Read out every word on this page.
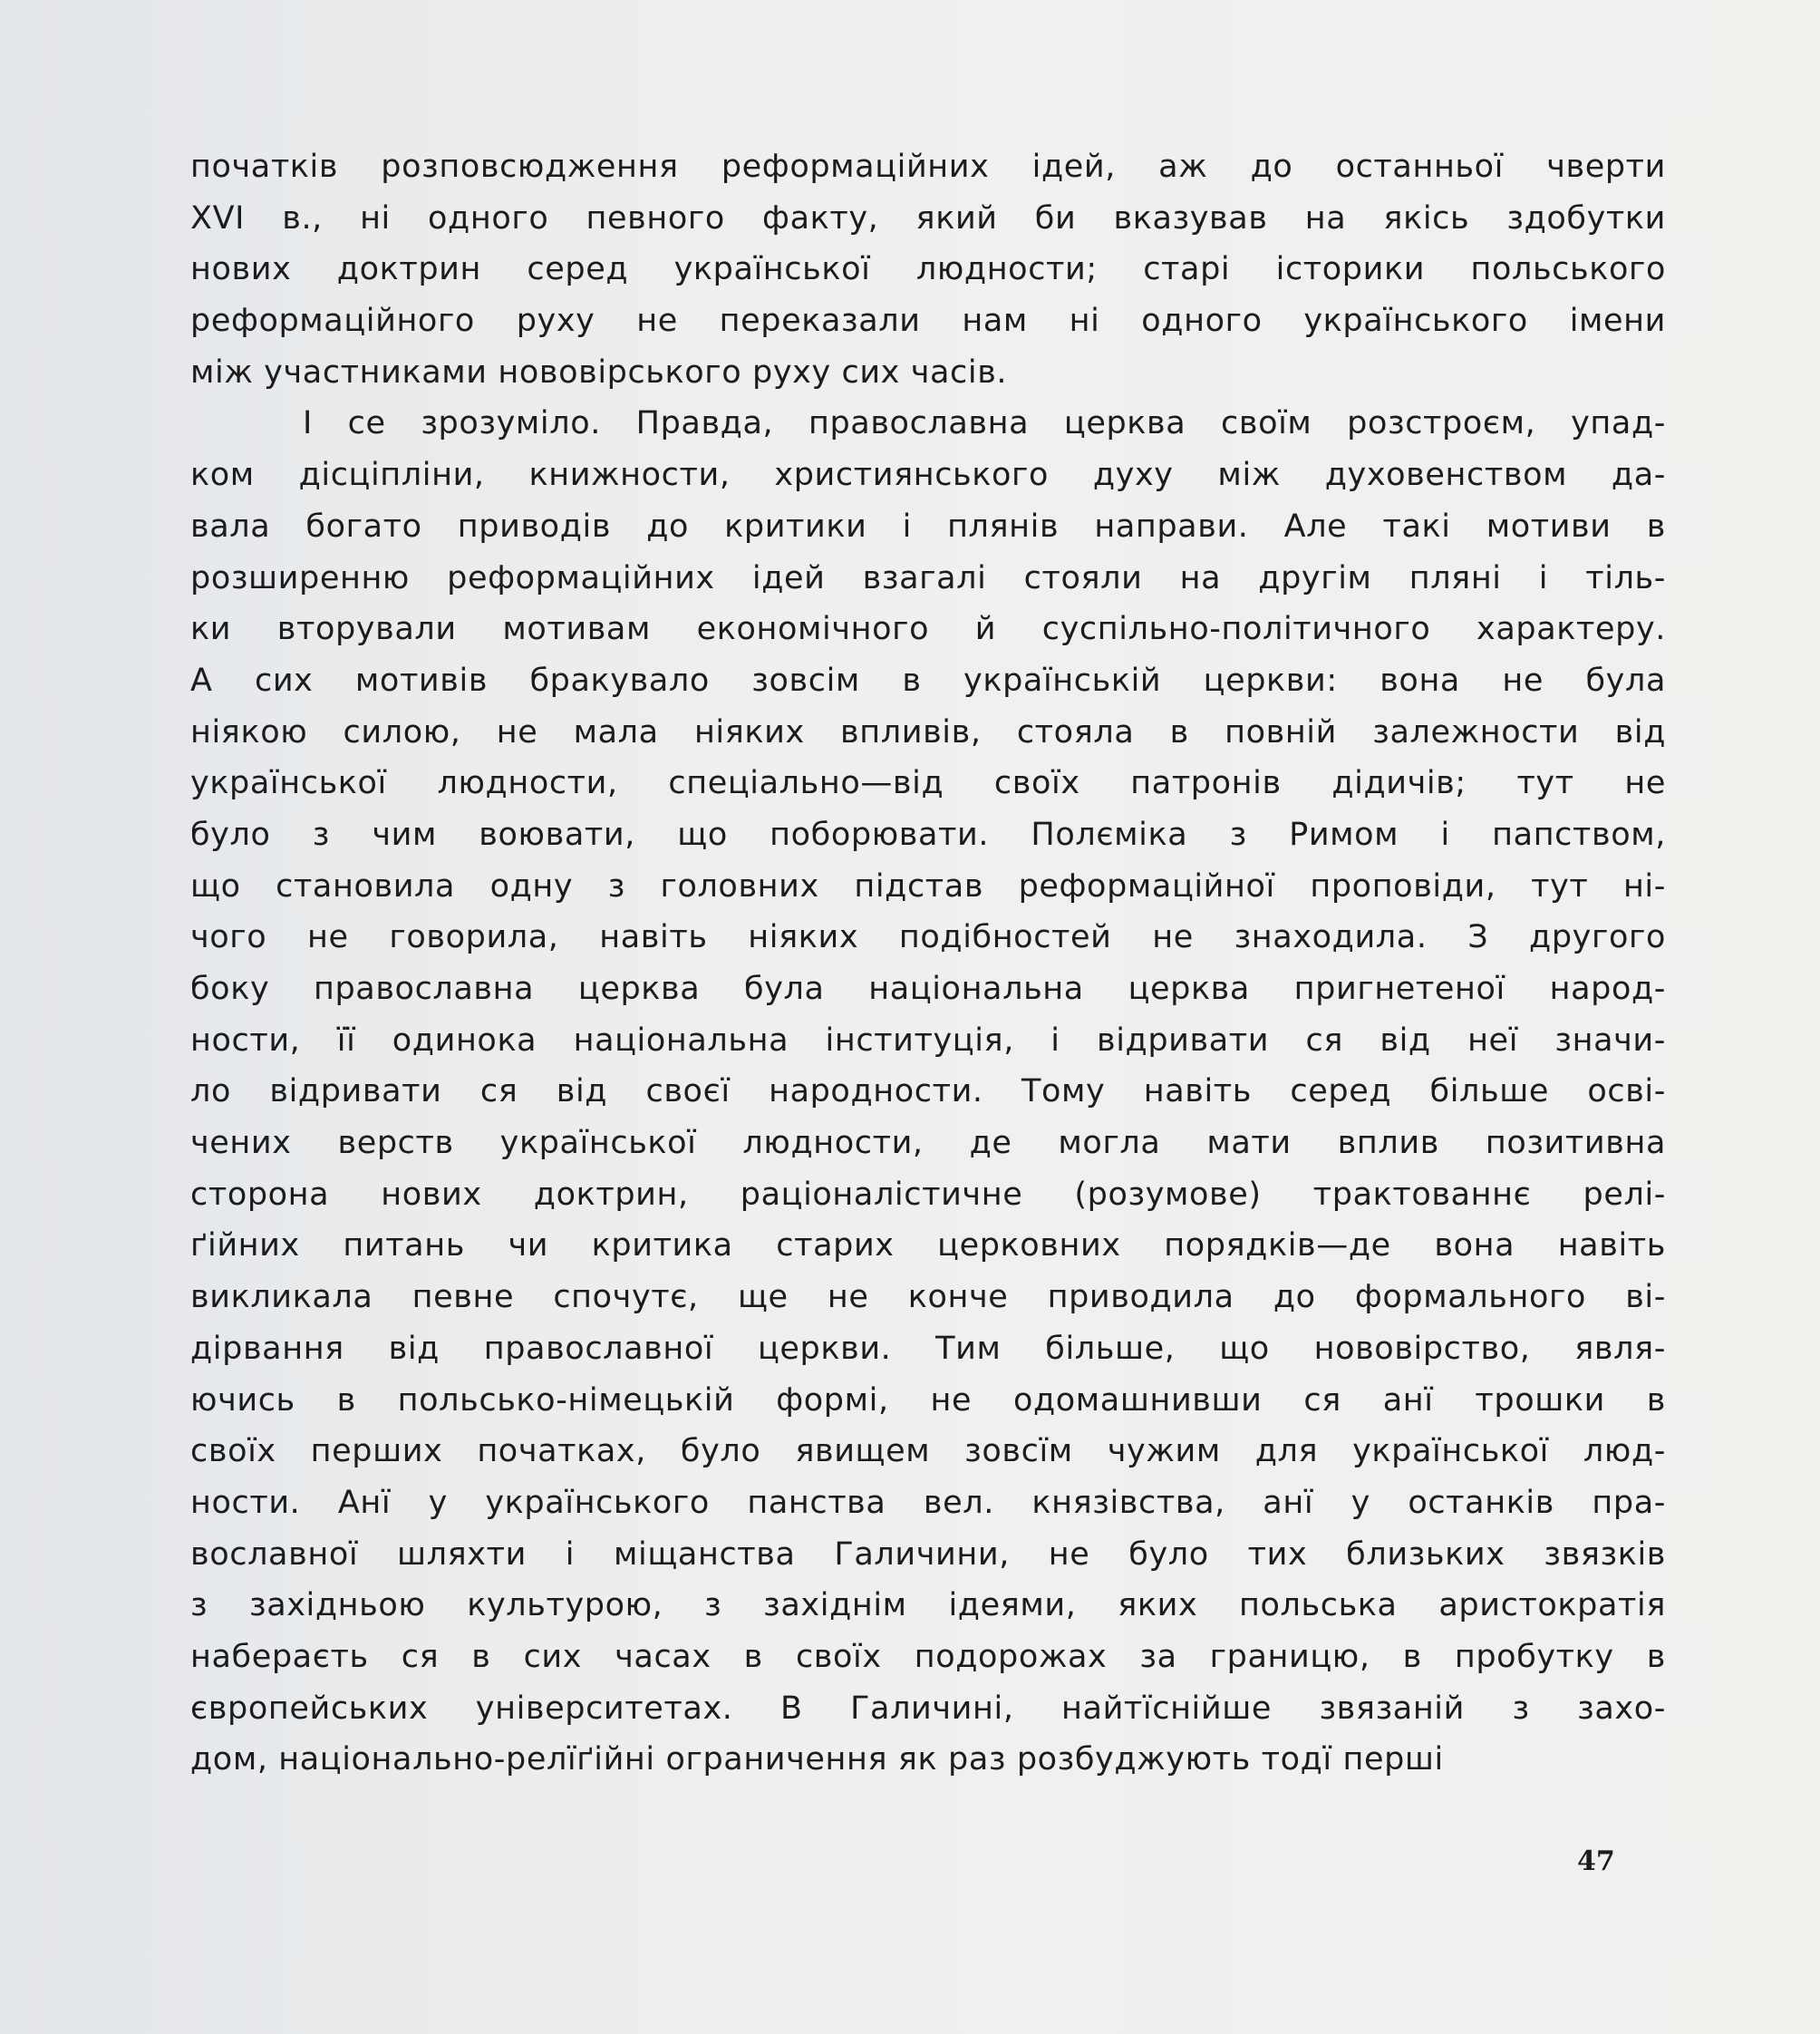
початків розповсюдження реформаційних ідей, аж до останньої чверти
XVI в., ні одного певного факту, який би вказував на якісь здобутки
нових доктрин серед української людности; старі історики польського
реформаційного руху не переказали нам ні одного українського імени
між участниками нововірського руху сих часів.
І се зрозуміло. Правда, православна церква своїм розстроєм, упад-
ком дісціпліни, книжности, християнського духу між духовенством да-
вала богато приводів до критики і плянів направи. Але такі мотиви в
розширенню реформаційних ідей взагалі стояли на другім пляні і тіль-
ки вторували мотивам економічного й суспільно-політичного характеру.
А сих мотивів бракувало зовсім в українській церкви: вона не була
ніякою силою, не мала ніяких впливів, стояла в повній залежности від
української людности, спеціально—від своїх патронів дідичів; тут не
було з чим воювати, що поборювати. Полєміка з Римом і папством,
що становила одну з головних підстав реформаційної проповіди, тут ні-
чого не говорила, навіть ніяких подібностей не знаходила. З другого
боку православна церква була національна церква пригнетеної народ-
ности, її одинока національна інституція, і відривати ся від неї значи-
ло відривати ся від своєї народности. Тому навіть серед більше осві-
чених верств української людности, де могла мати вплив позитивна
сторона нових доктрин, раціоналістичне (розумове) трактованнє релі-
ґійних питань чи критика старих церковних порядків—де вона навіть
викликала певне спочутє, ще не конче приводила до формального ві-
дірвання від православної церкви. Тим більше, що нововірство, явля-
ючись в польсько-німецькій формі, не одомашнивши ся анї трошки в
своїх перших початках, було явищем зовсїм чужим для української люд-
ности. Анї у українського панства вел. князівства, анї у останків пра-
вославної шляхти і міщанства Галичини, не було тих близьких звязків
з західньою культурою, з західнім ідеями, яких польська аристократія
набераєть ся в сих часах в своїх подорожах за границю, в пробутку в
європейських університетах. В Галичині, найтїснійше звязаній з захо-
дом, національно-релїґійні ограничення як раз розбуджують тодї перші
47
